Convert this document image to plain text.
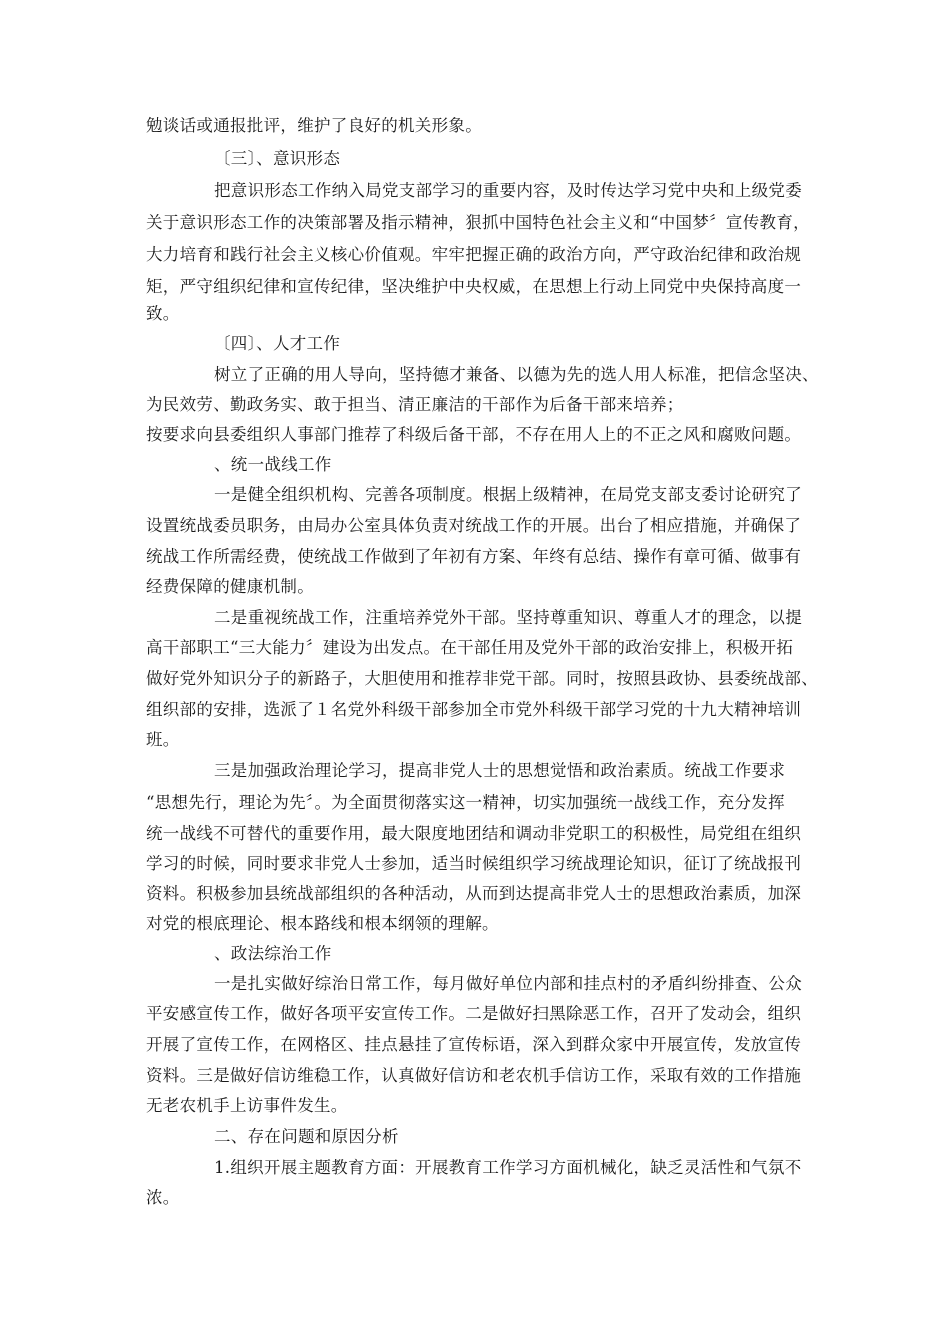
勉谈话或通报批评，维护了良好的机关形象。
〔三〕、意识形态
把意识形态工作纳入局党支部学习的重要内容，及时传达学习党中央和上级党委
关于意识形态工作的决策部署及指示精神，狠抓中国特色社会主义和“中国梦〞宣传教育，
大力培育和践行社会主义核心价值观。牢牢把握正确的政治方向，严守政治纪律和政治规
矩，严守组织纪律和宣传纪律，坚决维护中央权威，在思想上行动上同党中央保持高度一
致。
〔四〕、人才工作
树立了正确的用人导向，坚持德才兼备、以德为先的选人用人标准，把信念坚决、
为民效劳、勤政务实、敢于担当、清正廉洁的干部作为后备干部来培养；
按要求向县委组织人事部门推荐了科级后备干部，不存在用人上的不正之风和腐败问题。
、统一战线工作
一是健全组织机构、完善各项制度。根据上级精神，在局党支部支委讨论研究了
设置统战委员职务，由局办公室具体负责对统战工作的开展。出台了相应措施，并确保了
统战工作所需经费，使统战工作做到了年初有方案、年终有总结、操作有章可循、做事有
经费保障的健康机制。
二是重视统战工作，注重培养党外干部。坚持尊重知识、尊重人才的理念，以提
高干部职工“三大能力〞建设为出发点。在干部任用及党外干部的政治安排上，积极开拓
做好党外知识分子的新路子，大胆使用和推荐非党干部。同时，按照县政协、县委统战部、
组织部的安排，选派了１名党外科级干部参加全市党外科级干部学习党的十九大精神培训
班。
三是加强政治理论学习，提高非党人士的思想觉悟和政治素质。统战工作要求
“思想先行，理论为先〞。为全面贯彻落实这一精神，切实加强统一战线工作，充分发挥
统一战线不可替代的重要作用，最大限度地团结和调动非党职工的积极性，局党组在组织
学习的时候，同时要求非党人士参加，适当时候组织学习统战理论知识，征订了统战报刊
资料。积极参加县统战部组织的各种活动，从而到达提高非党人士的思想政治素质，加深
对党的根底理论、根本路线和根本纲领的理解。
、政法综治工作
一是扎实做好综治日常工作，每月做好单位内部和挂点村的矛盾纠纷排查、公众
平安感宣传工作，做好各项平安宣传工作。二是做好扫黑除恶工作，召开了发动会，组织
开展了宣传工作，在网格区、挂点悬挂了宣传标语，深入到群众家中开展宣传，发放宣传
资料。三是做好信访维稳工作，认真做好信访和老农机手信访工作，采取有效的工作措施
无老农机手上访事件发生。
二、存在问题和原因分析
1.组织开展主题教育方面：开展教育工作学习方面机械化，缺乏灵活性和气氛不
浓。
